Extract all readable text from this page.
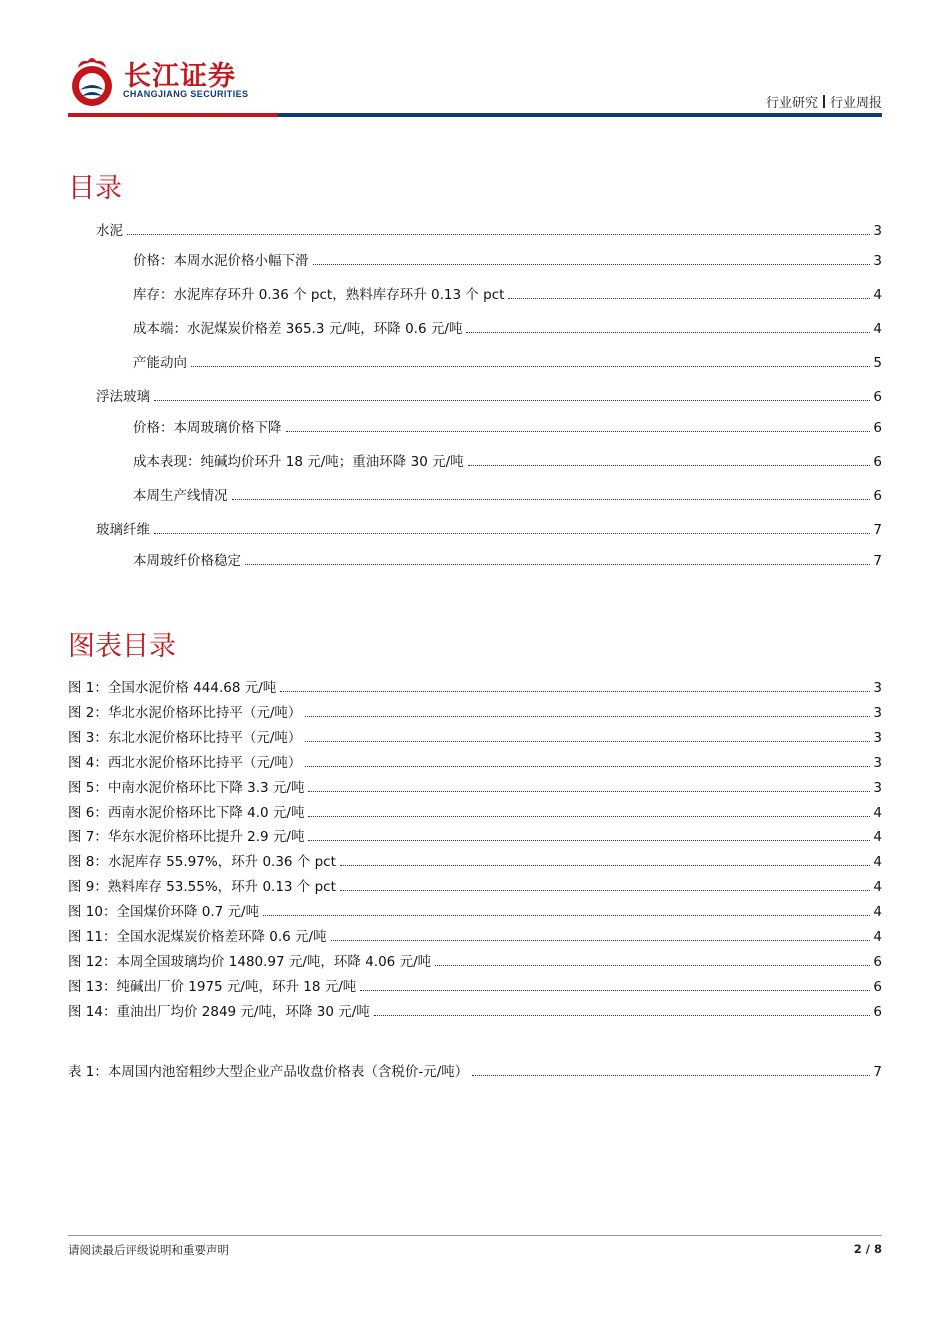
长江证券
CHANGJIANG SECURITIES
行业研究 行业周报
目录
水泥	3
价格：本周水泥价格小幅下滑	3
库存：水泥库存环升 0.36 个 pct，熟料库存环升 0.13 个 pct	4
成本端：水泥煤炭价格差 365.3 元/吨，环降 0.6 元/吨	4
产能动向	5
浮法玻璃	6
价格：本周玻璃价格下降	6
成本表现：纯碱均价环升 18 元/吨；重油环降 30 元/吨	6
本周生产线情况	6
玻璃纤维	7
本周玻纤价格稳定	7
图表目录
图 1：全国水泥价格 444.68 元/吨	3
图 2：华北水泥价格环比持平（元/吨）	3
图 3：东北水泥价格环比持平（元/吨）	3
图 4：西北水泥价格环比持平（元/吨）	3
图 5：中南水泥价格环比下降 3.3 元/吨	3
图 6：西南水泥价格环比下降 4.0 元/吨	4
图 7：华东水泥价格环比提升 2.9 元/吨	4
图 8：水泥库存 55.97%，环升 0.36 个 pct	4
图 9：熟料库存 53.55%，环升 0.13 个 pct	4
图 10：全国煤价环降 0.7 元/吨	4
图 11：全国水泥煤炭价格差环降 0.6 元/吨	4
图 12：本周全国玻璃均价 1480.97 元/吨，环降 4.06 元/吨	6
图 13：纯碱出厂价 1975 元/吨，环升 18 元/吨	6
图 14：重油出厂均价 2849 元/吨，环降 30 元/吨	6
表 1：本周国内池窑粗纱大型企业产品收盘价格表（含税价-元/吨）	7
请阅读最后评级说明和重要声明	2 / 8
